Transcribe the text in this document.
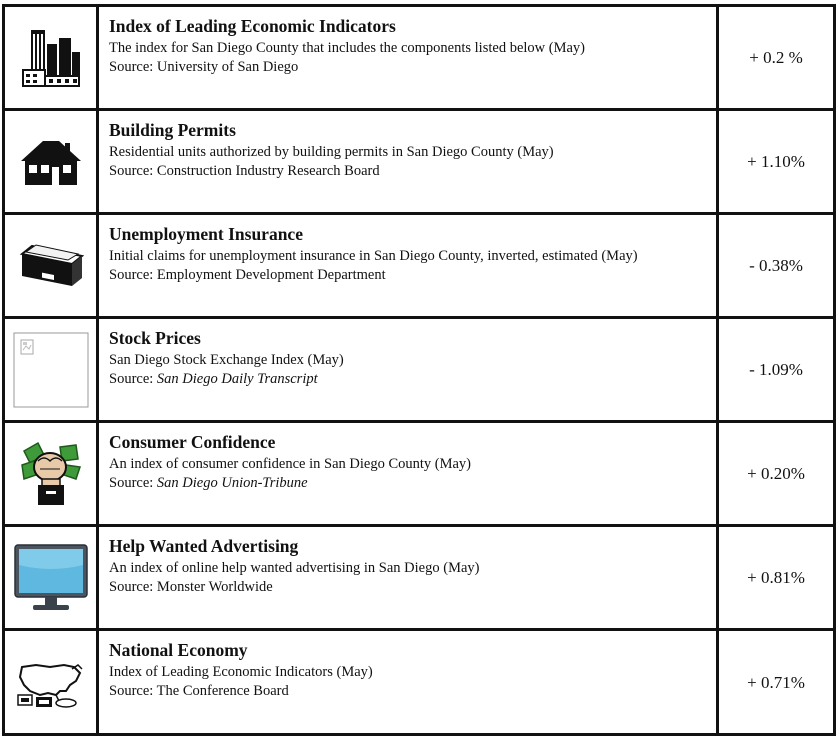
Index of Leading Economic Indicators

The index for San Diego County that includes the components listed below (May)

Source: University of San Diego

+ 0.2 %

Building Permits

Residential units authorized by building permits in San Diego County (May)

Source: Construction Industry Research Board

+ 1.10%

Unemployment Insurance

Initial claims for unemployment insurance in San Diego County, inverted, estimated (May)

Source: Employment Development Department

- 0.38%

Stock Prices

San Diego Stock Exchange Index (May)

Source: San Diego Daily Transcript

- 1.09%

Consumer Confidence

An index of consumer confidence in San Diego County (May)

Source: San Diego Union-Tribune

+ 0.20%

Help Wanted Advertising

An index of online help wanted advertising in San Diego (May)

Source: Monster Worldwide

+ 0.81%

National Economy

Index of Leading Economic Indicators (May)

Source: The Conference Board	+ 0.71%
